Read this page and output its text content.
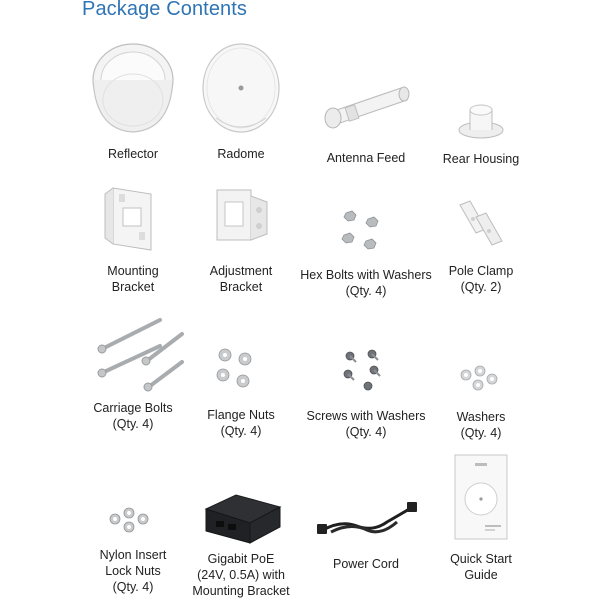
Package Contents
Reflector	Radome	Antenna Feed	Rear Housing
Mounting
Bracket
Adjustment
Bracket
Hex Bolts with Washers
(Qty. 4)
Pole Clamp
(Qty. 2)
Carriage Bolts
(Qty. 4)
Flange Nuts
(Qty. 4)
Screws with Washers
(Qty. 4)
Washers
(Qty. 4)
Nylon Insert
Lock Nuts
(Qty. 4)
Gigabit PoE
(24V, 0.5A) with
Mounting Bracket
Power Cord	Quick Start
Guide
